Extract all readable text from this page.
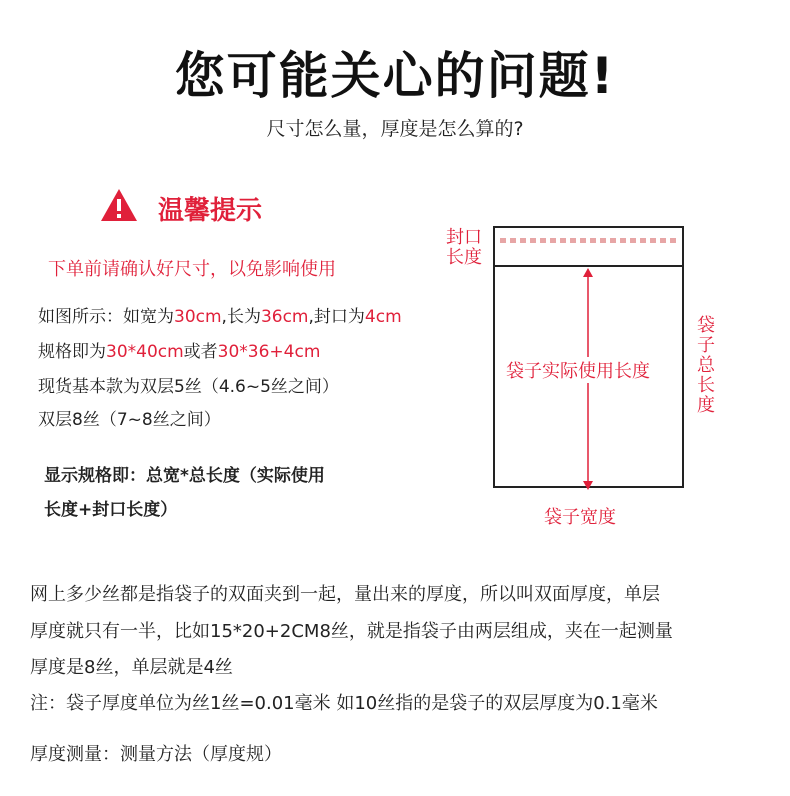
您可能关心的问题!
尺寸怎么量，厚度是怎么算的?
温馨提示
下单前请确认好尺寸，以免影响使用
如图所示：如宽为30cm,长为36cm,封口为4cm
规格即为30*40cm或者30*36+4cm
现货基本款为双层5丝（4.6~5丝之间）
双层8丝（7~8丝之间）
显示规格即：总宽*总长度（实际使用
长度+封口长度）
封口
长度
袋子总长度
袋子实际使用长度
袋子宽度
网上多少丝都是指袋子的双面夹到一起，量出来的厚度，所以叫双面厚度，单层
厚度就只有一半，比如15*20+2CM8丝，就是指袋子由两层组成，夹在一起测量
厚度是8丝，单层就是4丝
注：袋子厚度单位为丝1丝=0.01毫米 如10丝指的是袋子的双层厚度为0.1毫米
厚度测量：测量方法（厚度规）
